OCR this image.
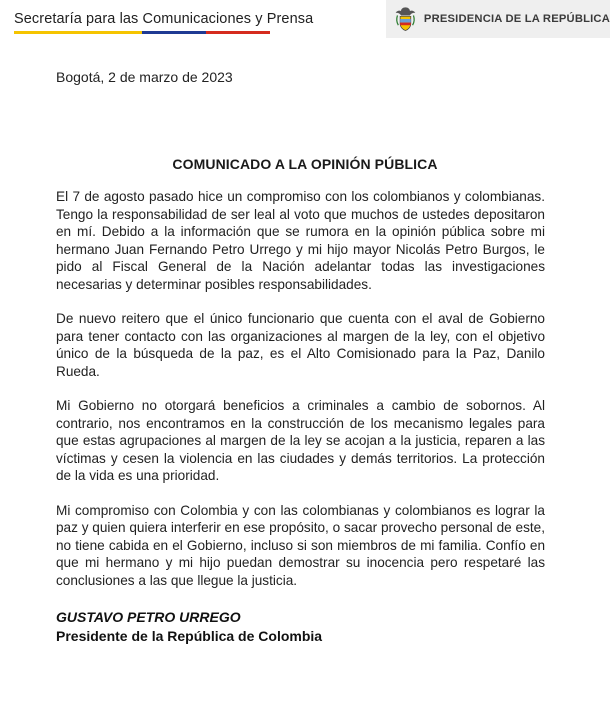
Secretaría para las Comunicaciones y Prensa	PRESIDENCIA DE LA REPÚBLICA
Bogotá, 2 de marzo de 2023
COMUNICADO A LA OPINIÓN PÚBLICA

El 7 de agosto pasado hice un compromiso con los colombianos y colombianas. Tengo la responsabilidad de ser leal al voto que muchos de ustedes depositaron en mí. Debido a la información que se rumora en la opinión pública sobre mi hermano Juan Fernando Petro Urrego y mi hijo mayor Nicolás Petro Burgos, le pido al Fiscal General de la Nación adelantar todas las investigaciones necesarias y determinar posibles responsabilidades.

De nuevo reitero que el único funcionario que cuenta con el aval de Gobierno para tener contacto con las organizaciones al margen de la ley, con el objetivo único de la búsqueda de la paz, es el Alto Comisionado para la Paz, Danilo Rueda.

Mi Gobierno no otorgará beneficios a criminales a cambio de sobornos. Al contrario, nos encontramos en la construcción de los mecanismo legales para que estas agrupaciones al margen de la ley se acojan a la justicia, reparen a las víctimas y cesen la violencia en las ciudades y demás territorios. La protección de la vida es una prioridad.

Mi compromiso con Colombia y con las colombianas y colombianos es lograr la paz y quien quiera interferir en ese propósito, o sacar provecho personal de este, no tiene cabida en el Gobierno, incluso si son miembros de mi familia. Confío en que mi hermano y mi hijo puedan demostrar su inocencia pero respetaré las conclusiones a las que llegue la justicia.

GUSTAVO PETRO URREGO
Presidente de la República de Colombia
